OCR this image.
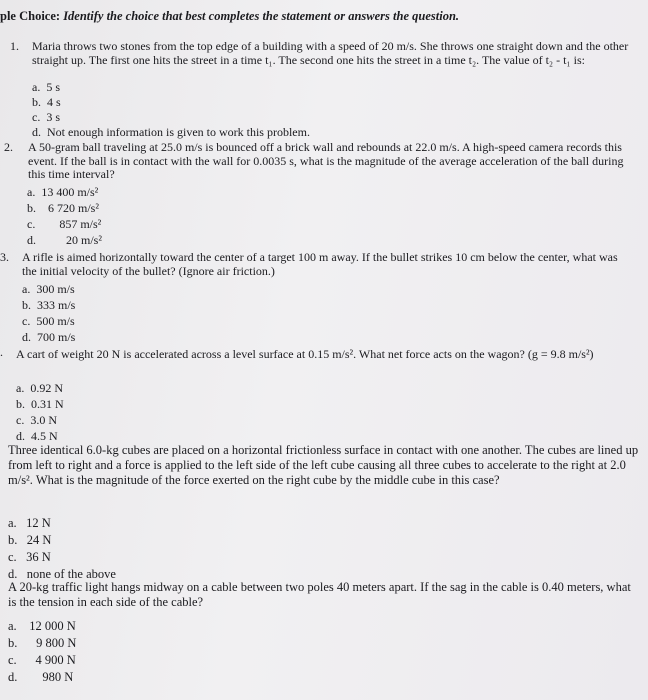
ple Choice: Identify the choice that best completes the statement or answers the question.
1. Maria throws two stones from the top edge of a building with a speed of 20 m/s. She throws one straight down and the other straight up. The first one hits the street in a time t₁. The second one hits the street in a time t₂. The value of t₂ - t₁ is:

a. 5 s
b. 4 s
c. 3 s
d. Not enough information is given to work this problem.
2. A 50-gram ball traveling at 25.0 m/s is bounced off a brick wall and rebounds at 22.0 m/s. A high-speed camera records this event. If the ball is in contact with the wall for 0.0035 s, what is the magnitude of the average acceleration of the ball during this time interval?

a. 13 400 m/s²
b. 6 720 m/s²
c. 857 m/s²
d.	20 m/s²
3. A rifle is aimed horizontally toward the center of a target 100 m away. If the bullet strikes 10 cm below the center, what was the initial velocity of the bullet? (Ignore air friction.)

a. 300 m/s
b. 333 m/s
c. 500 m/s
d. 700 m/s
. A cart of weight 20 N is accelerated across a level surface at 0.15 m/s². What net force acts on the wagon? (g = 9.8 m/s²)

a. 0.92 N
b. 0.31 N
c. 3.0 N
d. 4.5 N

Three identical 6.0-kg cubes are placed on a horizontal frictionless surface in contact with one another. The cubes are lined up from left to right and a force is applied to the left side of the left cube causing all three cubes to accelerate to the right at 2.0 m/s². What is the magnitude of the force exerted on the right cube by the middle cube in this case?

a. 12 N
b. 24 N
c. 36 N
d. none of the above

A 20-kg traffic light hangs midway on a cable between two poles 40 meters apart. If the sag in the cable is 0.40 meters, what is the tension in each side of the cable?

a. 12 000 N
b. 9 800 N
c. 4 900 N
d. 980 N
